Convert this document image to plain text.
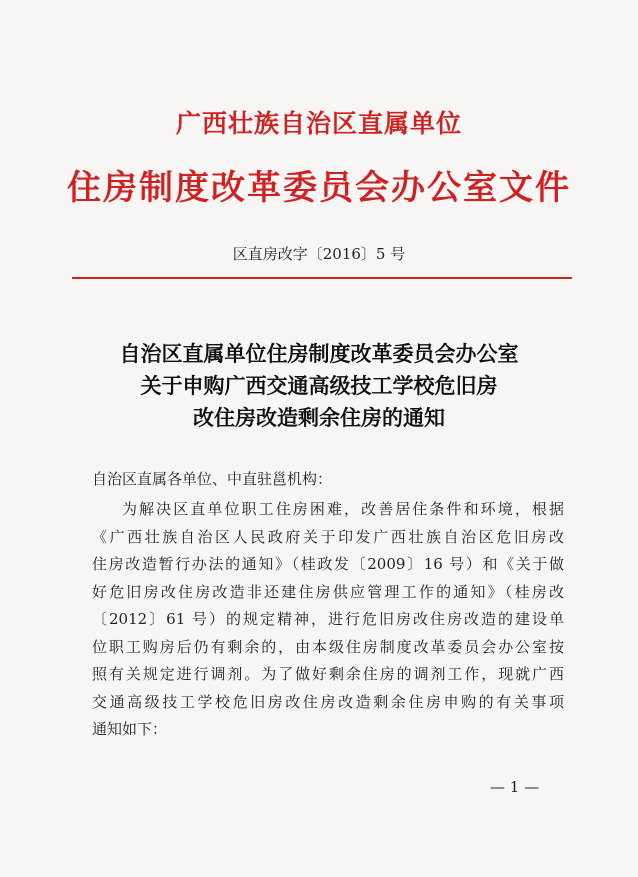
广西壮族自治区直属单位
住房制度改革委员会办公室文件
区直房改字〔2016〕5 号
自治区直属单位住房制度改革委员会办公室
关于申购广西交通高级技工学校危旧房
改住房改造剩余住房的通知
自治区直属各单位、中直驻邕机构：
为解决区直单位职工住房困难，改善居住条件和环境，根据
《广西壮族自治区人民政府关于印发广西壮族自治区危旧房改
住房改造暂行办法的通知》（桂政发〔2009〕16 号）和《关于做
好危旧房改住房改造非还建住房供应管理工作的通知》（桂房改
〔2012〕61 号）的规定精神，进行危旧房改住房改造的建设单
位职工购房后仍有剩余的，由本级住房制度改革委员会办公室按
照有关规定进行调剂。为了做好剩余住房的调剂工作，现就广西
交通高级技工学校危旧房改住房改造剩余住房申购的有关事项
通知如下：
— 1 —
